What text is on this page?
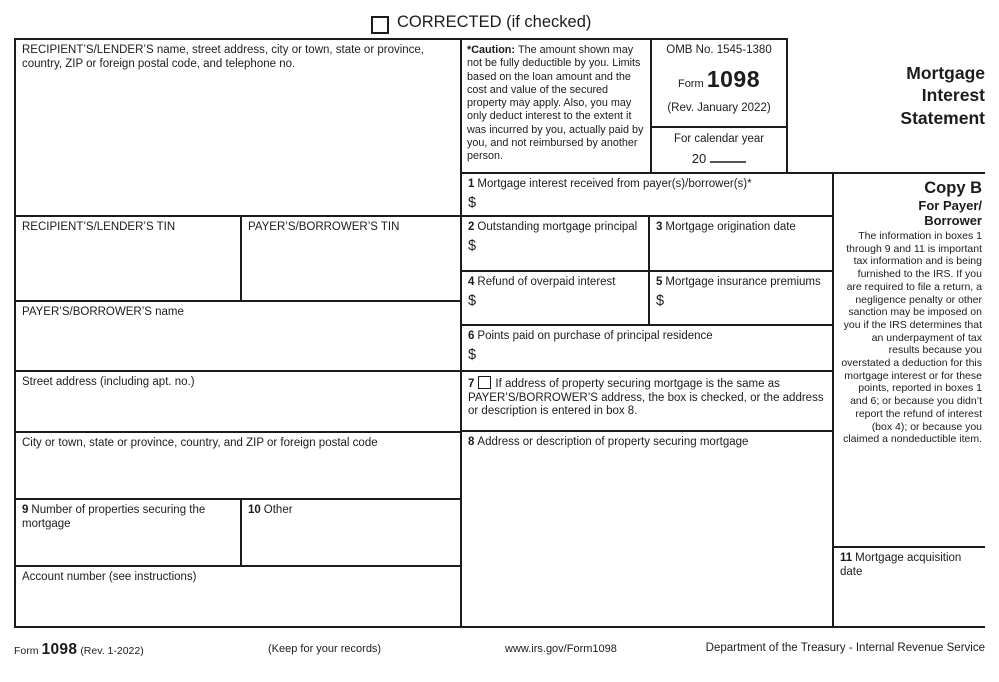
CORRECTED (if checked)
Mortgage Interest Statement
RECIPIENT’S/LENDER’S name, street address, city or town, state or province, country, ZIP or foreign postal code, and telephone no.
RECIPIENT’S/LENDER’S TIN	PAYER’S/BORROWER’S TIN
PAYER’S/BORROWER’S name
Street address (including apt. no.)
City or town, state or province, country, and ZIP or foreign postal code
9 Number of properties securing the mortgage
10 Other
Account number (see instructions)
*Caution: The amount shown may not be fully deductible by you. Limits based on the loan amount and the cost and value of the secured property may apply. Also, you may only deduct interest to the extent it was incurred by you, actually paid by you, and not reimbursed by another person.
OMB No. 1545-1380
Form 1098
(Rev. January 2022)
For calendar year
20
1 Mortgage interest received from payer(s)/borrower(s)*
$
2 Outstanding mortgage principal
$
3 Mortgage origination date
4 Refund of overpaid interest
$
5 Mortgage insurance premiums
$
6 Points paid on purchase of principal residence
$
7 If address of property securing mortgage is the same as PAYER’S/BORROWER’S address, the box is checked, or the address or description is entered in box 8.
8 Address or description of property securing mortgage
Copy B
For Payer/
Borrower
The information in boxes 1 through 9 and 11 is important tax information and is being furnished to the IRS. If you are required to file a return, a negligence penalty or other sanction may be imposed on you if the IRS determines that an underpayment of tax results because you overstated a deduction for this mortgage interest or for these points, reported in boxes 1 and 6; or because you didn’t report the refund of interest (box 4); or because you claimed a nondeductible item.
11 Mortgage acquisition date
Form 1098 (Rev. 1-2022)	(Keep for your records)	www.irs.gov/Form1098	Department of the Treasury - Internal Revenue Service
